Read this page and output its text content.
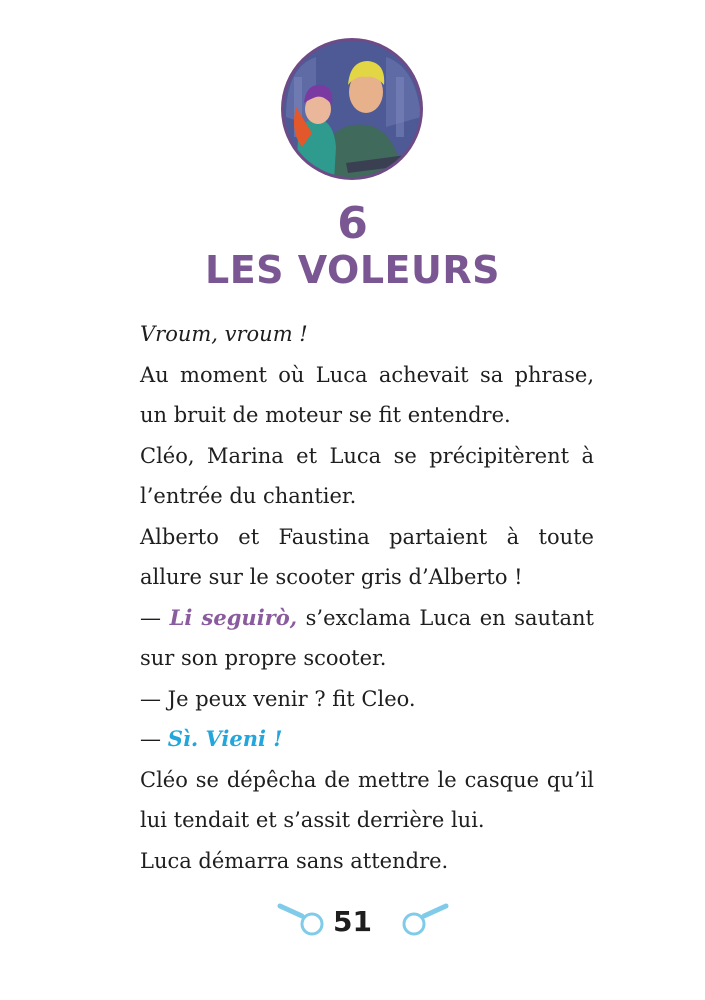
6
LES VOLEURS

Vroum, vroum !

Au moment où Luca achevait sa phrase, un bruit de moteur se fit entendre.

Cléo, Marina et Luca se précipitèrent à l’entrée du chantier.

Alberto et Faustina partaient à toute allure sur le scooter gris d’Alberto !

— Li seguirò, s’exclama Luca en sautant sur son propre scooter.

— Je peux venir ? fit Cleo.

— Sì. Vieni !

Cléo se dépêcha de mettre le casque qu’il lui tendait et s’assit derrière lui.

Luca démarra sans attendre.

51
